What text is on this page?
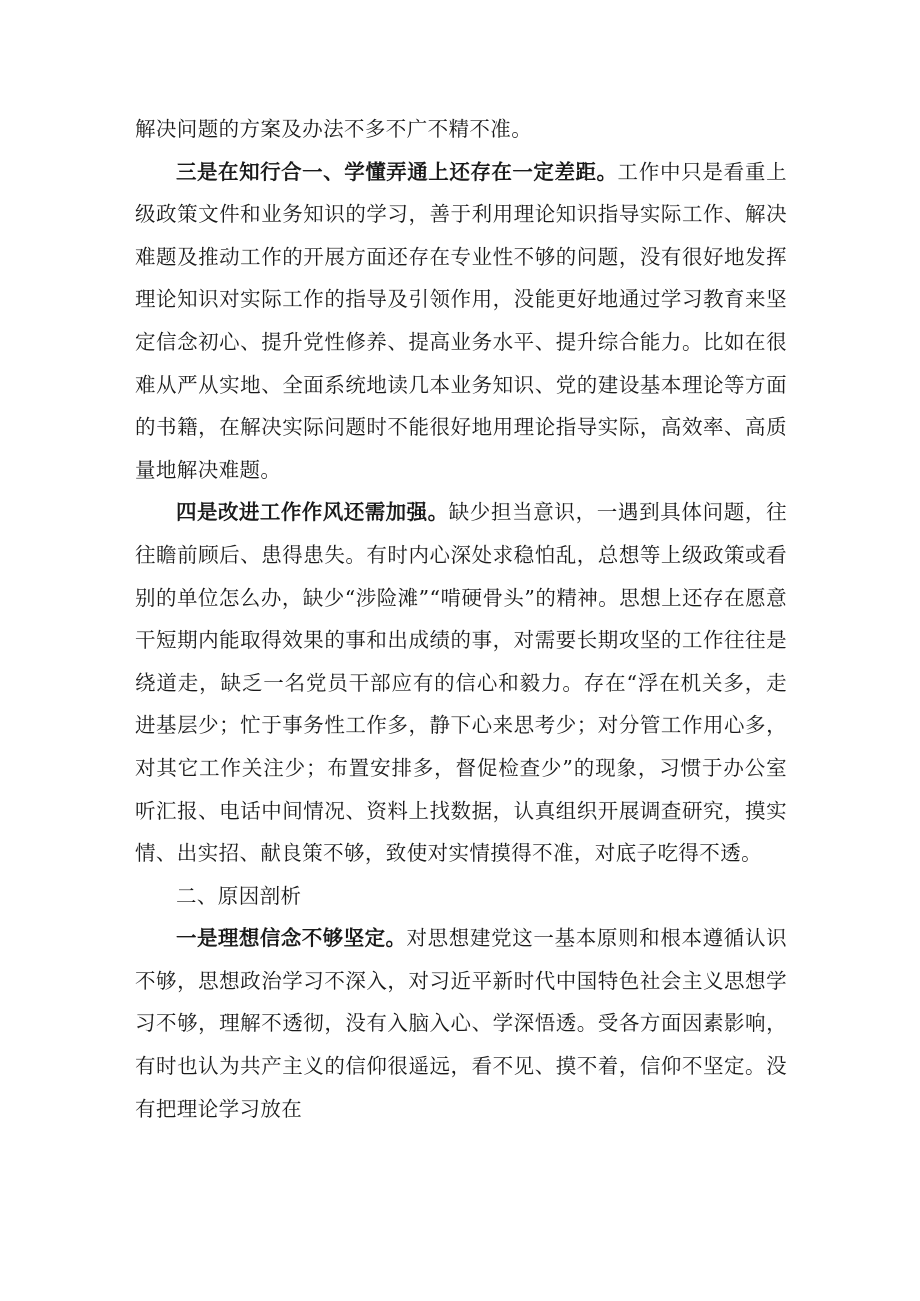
解决问题的方案及办法不多不广不精不准。

三是在知行合一、学懂弄通上还存在一定差距。工作中只是看重上级政策文件和业务知识的学习，善于利用理论知识指导实际工作、解决难题及推动工作的开展方面还存在专业性不够的问题，没有很好地发挥理论知识对实际工作的指导及引领作用，没能更好地通过学习教育来坚定信念初心、提升党性修养、提高业务水平、提升综合能力。比如在很难从严从实地、全面系统地读几本业务知识、党的建设基本理论等方面的书籍，在解决实际问题时不能很好地用理论指导实际，高效率、高质量地解决难题。

四是改进工作作风还需加强。缺少担当意识，一遇到具体问题，往往瞻前顾后、患得患失。有时内心深处求稳怕乱，总想等上级政策或看别的单位怎么办，缺少“涉险滩”“啃硬骨头”的精神。思想上还存在愿意干短期内能取得效果的事和出成绩的事，对需要长期攻坚的工作往往是绕道走，缺乏一名党员干部应有的信心和毅力。存在“浮在机关多，走进基层少；忙于事务性工作多，静下心来思考少；对分管工作用心多，对其它工作关注少；布置安排多，督促检查少”的现象，习惯于办公室听汇报、电话中间情况、资料上找数据，认真组织开展调查研究，摸实情、出实招、献良策不够，致使对实情摸得不准，对底子吃得不透。

二、原因剖析

一是理想信念不够坚定。对思想建党这一基本原则和根本遵循认识不够，思想政治学习不深入，对习近平新时代中国特色社会主义思想学习不够，理解不透彻，没有入脑入心、学深悟透。受各方面因素影响，有时也认为共产主义的信仰很遥远，看不见、摸不着，信仰不坚定。没有把理论学习放在
